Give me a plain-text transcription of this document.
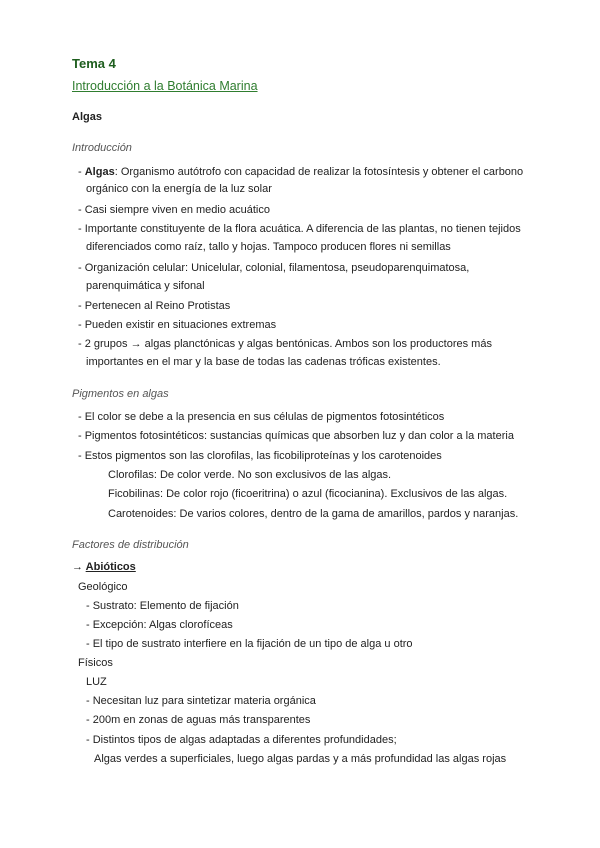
Tema 4
Introducción a la Botánica Marina
Algas
Introducción
- Algas: Organismo autótrofo con capacidad de realizar la fotosíntesis y obtener el carbono
orgánico con la energía de la luz solar
- Casi siempre viven en medio acuático
- Importante constituyente de la flora acuática. A diferencia de las plantas, no tienen tejidos
diferenciados como raíz, tallo y hojas. Tampoco producen flores ni semillas
- Organización celular: Unicelular, colonial, filamentosa, pseudoparenquimatosa,
parenquimática y sifonal
- Pertenecen al Reino Protistas
- Pueden existir en situaciones extremas
- 2 grupos → algas planctónicas y algas bentónicas. Ambos son los productores más
importantes en el mar y la base de todas las cadenas tróficas existentes.
Pigmentos en algas
- El color se debe a la presencia en sus células de pigmentos fotosintéticos
- Pigmentos fotosintéticos: sustancias químicas que absorben luz y dan color a la materia
- Estos pigmentos son las clorofilas, las ficobiliproteínas y los carotenoides
Clorofilas: De color verde. No son exclusivos de las algas.
Ficobilinas: De color rojo (ficoeritrina) o azul (ficocianina). Exclusivos de las algas.
Carotenoides: De varios colores, dentro de la gama de amarillos, pardos y naranjas.
Factores de distribución
→ Abióticos
Geológico
- Sustrato: Elemento de fijación
- Excepción: Algas clorofíceas
- El tipo de sustrato interfiere en la fijación de un tipo de alga u otro
Físicos
LUZ
- Necesitan luz para sintetizar materia orgánica
- 200m en zonas de aguas más transparentes
- Distintos tipos de algas adaptadas a diferentes profundidades;
Algas verdes a superficiales, luego algas pardas y a más profundidad las algas rojas
